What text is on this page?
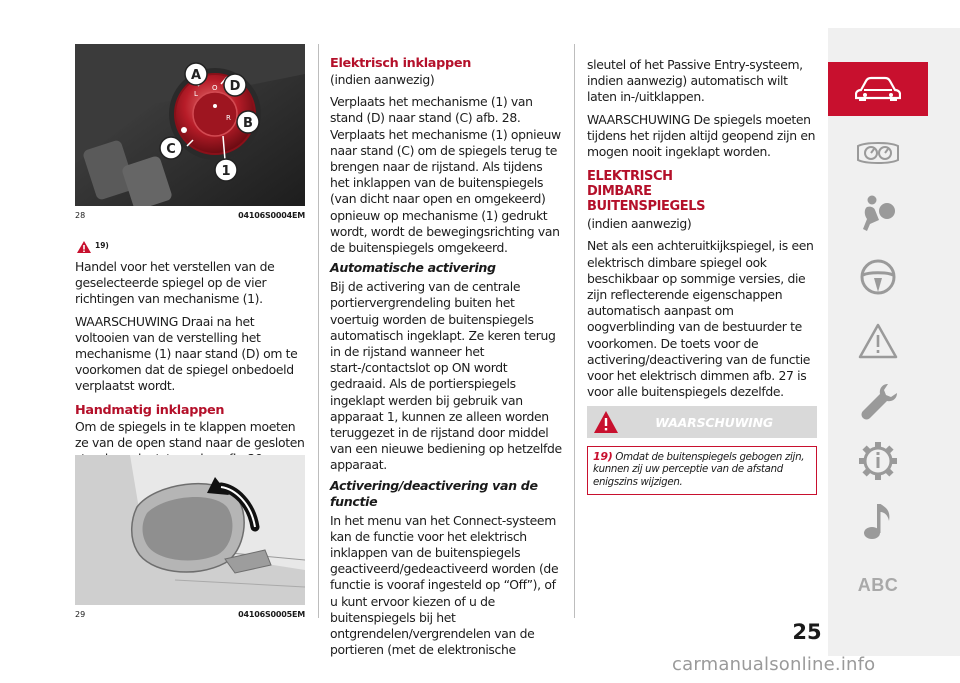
L
O
R
A
D
B
C
1
28	04106S0004EM
19)

Handel voor het verstellen van de geselecteerde spiegel op de vier richtingen van mechanisme (1).

WAARSCHUWING Draai na het voltooien van de verstelling het mechanisme (1) naar stand (D) om te voorkomen dat de spiegel onbedoeld verplaatst wordt.

Handmatig inklappen

Om de spiegels in te klappen moeten ze van de open stand naar de gesloten

29	04106S0005EM
Elektrisch inklappen

(indien aanwezig)

Verplaats het mechanisme (1) van stand (D) naar stand (C) afb. 28. Verplaats het mechanisme (1) opnieuw naar stand (C) om de spiegels terug te brengen naar de rijstand. Als tijdens het inklappen van de buitenspiegels (van dicht naar open en omgekeerd) opnieuw op mechanisme (1) gedrukt wordt, wordt de bewegingsrichting van de buitenspiegels omgekeerd.

Automatische activering

Bij de activering van de centrale portiervergrendeling buiten het voertuig worden de buitenspiegels automatisch ingeklapt. Ze keren terug in de rijstand wanneer het start-/contactslot op ON wordt gedraaid. Als de portierspiegels ingeklapt werden bij gebruik van apparaat 1, kunnen ze alleen worden teruggezet in de rijstand door middel van een nieuwe bediening op hetzelfde apparaat.

Activering/deactivering van de functie

In het menu van het Connect-systeem kan de functie voor het elektrisch inklappen van de buitenspiegels geactiveerd/gedeactiveerd worden (de functie is vooraf ingesteld op “Off”), of u kunt ervoor kiezen of u de buitenspiegels bij het ontgrendelen/vergrendelen van de portieren (met de elektronische

sleutel of het Passive Entry-systeem, indien aanwezig) automatisch wilt laten in-/uitklappen.

WAARSCHUWING De spiegels moeten tijdens het rijden altijd geopend zijn en mogen nooit ingeklapt worden.

ELEKTRISCH DIMBARE BUITENSPIEGELS

(indien aanwezig)

Net als een achteruitkijkspiegel, is een elektrisch dimbare spiegel ook beschikbaar op sommige versies, die zijn reflecterende eigenschappen automatisch aanpast om oogverblinding van de bestuurder te voorkomen. De toets voor de activering/deactivering van de functie voor het elektrisch dimmen afb. 27 is voor alle buitenspiegels dezelfde.

WAARSCHUWING
19) Omdat de buitenspiegels gebogen zijn, kunnen zij uw perceptie van de afstand enigszins wijzigen.
ABC
25
carmanualsonline.info
